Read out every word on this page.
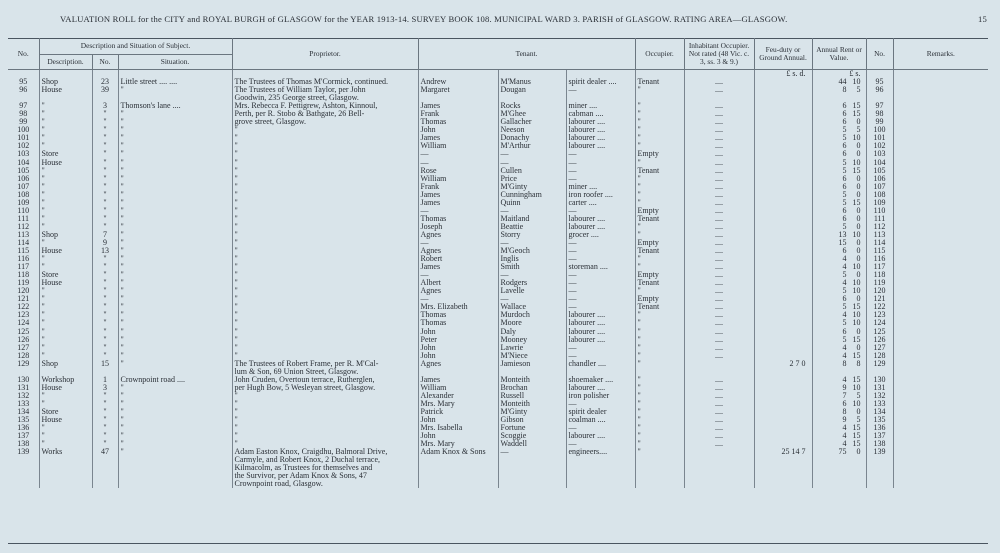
VALUATION ROLL for the CITY and ROYAL BURGH of GLASGOW for the YEAR 1913-14. SURVEY BOOK 108. MUNICIPAL WARD 3. PARISH of GLASGOW. RATING AREA—GLASGOW.	15
No.	Description and Situation of Subject.			Proprietor.	Tenant.			Occupier.	Inhabitant Occupier. Not rated (48 Vic. c. 3, ss. 3 & 9.)	Feu-duty or Ground Annual.	Annual Rent or Value.	No.	Remarks.
	Description.	No.	Situation.										
										£ s. d.	£ s.		
95	Shop	23	Little street .... ....	The Trustees of Thomas M'Cormick, continued.	Andrew	M'Manus	spirit dealer ....	Tenant	....		44 10	95	
96	House	39	"	The Trustees of William Taylor, per John	Margaret	Dougan	—	"	....		8 5	96	
				Goodwin, 235 George street, Glasgow.									
97	"	3	Thomson's lane ....	Mrs. Rebecca F. Pettigrew, Ashton, Kinnoul,	James	Rocks	miner ....	"	....		6 15	97	
98	"	"	"	Perth, per R. Stobo & Bathgate, 26 Bell-	Frank	M'Ghee	cabman ....	"	....		6 15	98	
99	"	"	"	grove street, Glasgow.	Thomas	Gallacher	labourer ....	"	....		6 0	99	
100	"	"	"	"	John	Neeson	labourer ....	"	....		5 5	100	
101	"	"	"	"	James	Donachy	labourer ....	"	....		5 10	101	
102	"	"	"	"	William	M'Arthur	labourer ....	"	....		6 0	102	
103	Store	"	"	"	—	—	—	Empty	....		6 0	103	
104	House	"	"	"	—	—	—	"	....		5 10	104	
105	"	"	"	"	Rose	Cullen	—	Tenant	....		5 15	105	
106	"	"	"	"	William	Price	—	"	....		6 0	106	
107	"	"	"	"	Frank	M'Ginty	miner ....	"	....		6 0	107	
108	"	"	"	"	James	Cunningham	iron roofer ....	"	....		5 0	108	
109	"	"	"	"	James	Quinn	carter ....	"	....		5 15	109	
110	"	"	"	"	—	—	—	Empty	....		6 0	110	
111	"	"	"	"	Thomas	Maitland	labourer ....	Tenant	....		6 0	111	
112	"	"	"	"	Joseph	Beattie	labourer ....	"	....		5 0	112	
113	Shop	7	"	"	Agnes	Storry	grocer ....	"	....		13 10	113	
114	"	9	"	"	—	—	—	Empty	....		15 0	114	
115	House	13	"	"	Agnes	M'Geoch	—	Tenant	....		6 0	115	
116	"	"	"	"	Robert	Inglis	—	"	....		4 0	116	
117	"	"	"	"	James	Smith	storeman ....	"	....		4 10	117	
118	Store	"	"	"	—	—	—	Empty	....		5 0	118	
119	House	"	"	"	Albert	Rodgers	—	Tenant	....		4 10	119	
120	"	"	"	"	Agnes	Lavelle	—	"	....		5 10	120	
121	"	"	"	"	—	—	—	Empty	....		6 0	121	
122	"	"	"	"	Mrs. Elizabeth	Wallace	—	Tenant	....		5 15	122	
123	"	"	"	"	Thomas	Murdoch	labourer ....	"	....		4 10	123	
124	"	"	"	"	Thomas	Moore	labourer ....	"	....		5 10	124	
125	"	"	"	"	John	Daly	labourer ....	"	....		6 0	125	
126	"	"	"	"	Peter	Mooney	labourer ....	"	....		5 15	126	
127	"	"	"	"	John	Lawrie	—	"	....		4 0	127	
128	"	"	"	"	John	M'Niece	—	"	....		4 15	128	
129	Shop	15	"	The Trustees of Robert Frame, per R. M'Cal-	Agnes	Jamieson	chandler ....	"		2 7 0	8 8	129	
				lum & Son, 69 Union Street, Glasgow.									
130	Workshop	1	Crownpoint road ....	John Cruden, Overtoun terrace, Rutherglen,	James	Monteith	shoemaker ....	"	....		4 15	130	
131	House	3	"	per Hugh Bow, 5 Wesleyan street, Glasgow.	William	Brochan	labourer ....	"	....		9 10	131	
132	"	"	"	"	Alexander	Russell	iron polisher	"	....		7 5	132	
133	"	"	"	"	Mrs. Mary	Monteith	—	"	....		6 10	133	
134	Store	"	"	"	Patrick	M'Ginty	spirit dealer	"	....		8 0	134	
135	House	"	"	"	John	Gibson	coalman ....	"	....		9 5	135	
136	"	"	"	"	Mrs. Isabella	Fortune	—	"	....		4 15	136	
137	"	"	"	"	John	Scoggie	labourer ....	"	....		4 15	137	
138	"	"	"	"	Mrs. Mary	Waddell	—	"	....		4 15	138	
139	Works	47	"	Adam Easton Knox, Craigdhu, Balmoral Drive,	Adam Knox & Sons	—	engineers....	"		25 14 7	75 0	139	
				Carmyle, and Robert Knox, 2 Duchal terrace,									
				Kilmacolm, as Trustees for themselves and									
				the Survivor, per Adam Knox & Sons, 47									
				Crownpoint road, Glasgow.									
